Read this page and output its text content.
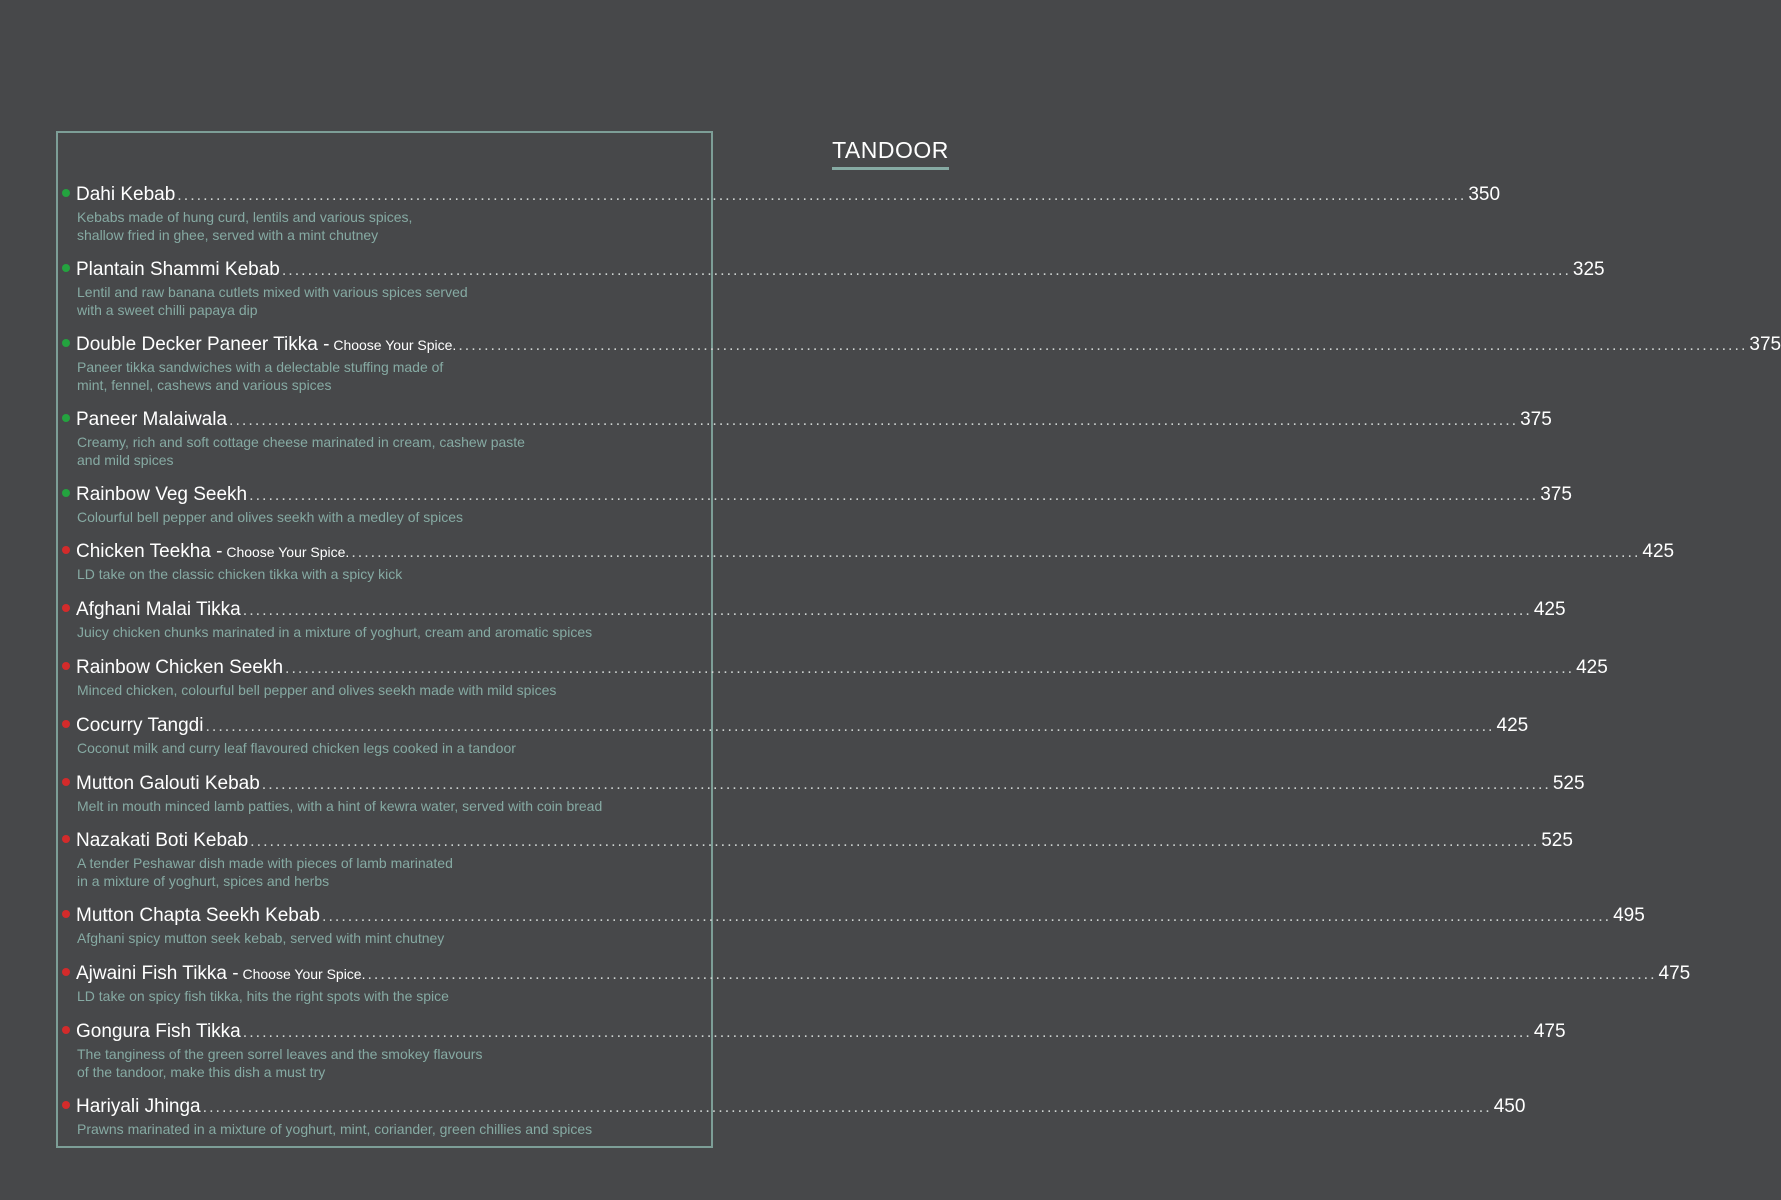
TANDOOR
Dahi Kebab ........................................................................................................................................................................................................ 350
Kebabs made of hung curd, lentils and various spices,
shallow fried in ghee, served with a mint chutney
Plantain Shammi Kebab ........................................................................................................................................................................................................ 325
Lentil and raw banana cutlets mixed with various spices served
with a sweet chilli papaya dip
Double Decker Paneer Tikka - Choose Your Spice. ........................................................................................................................................................................................................ 375
Paneer tikka sandwiches with a delectable stuffing made of
mint, fennel, cashews and various spices
Paneer Malaiwala ........................................................................................................................................................................................................ 375
Creamy, rich and soft cottage cheese marinated in cream, cashew paste
and mild spices
Rainbow Veg Seekh ........................................................................................................................................................................................................ 375
Colourful bell pepper and olives seekh with a medley of spices
Chicken Teekha - Choose Your Spice. ........................................................................................................................................................................................................ 425
LD take on the classic chicken tikka with a spicy kick
Afghani Malai Tikka ........................................................................................................................................................................................................ 425
Juicy chicken chunks marinated in a mixture of yoghurt, cream and aromatic spices
Rainbow Chicken Seekh ........................................................................................................................................................................................................ 425
Minced chicken, colourful bell pepper and olives seekh made with mild spices
Cocurry Tangdi ........................................................................................................................................................................................................ 425
Coconut milk and curry leaf flavoured chicken legs cooked in a tandoor
Mutton Galouti Kebab ........................................................................................................................................................................................................ 525
Melt in mouth minced lamb patties, with a hint of kewra water, served with coin bread
Nazakati Boti Kebab ........................................................................................................................................................................................................ 525
A tender Peshawar dish made with pieces of lamb marinated
in a mixture of yoghurt, spices and herbs
Mutton Chapta Seekh Kebab ........................................................................................................................................................................................................ 495
Afghani spicy mutton seek kebab, served with mint chutney
Ajwaini Fish Tikka - Choose Your Spice. ........................................................................................................................................................................................................ 475
LD take on spicy fish tikka, hits the right spots with the spice
Gongura Fish Tikka ........................................................................................................................................................................................................ 475
The tanginess of the green sorrel leaves and the smokey flavours
of the tandoor, make this dish a must try
Hariyali Jhinga ........................................................................................................................................................................................................ 450
Prawns marinated in a mixture of yoghurt, mint, coriander, green chillies and spices
